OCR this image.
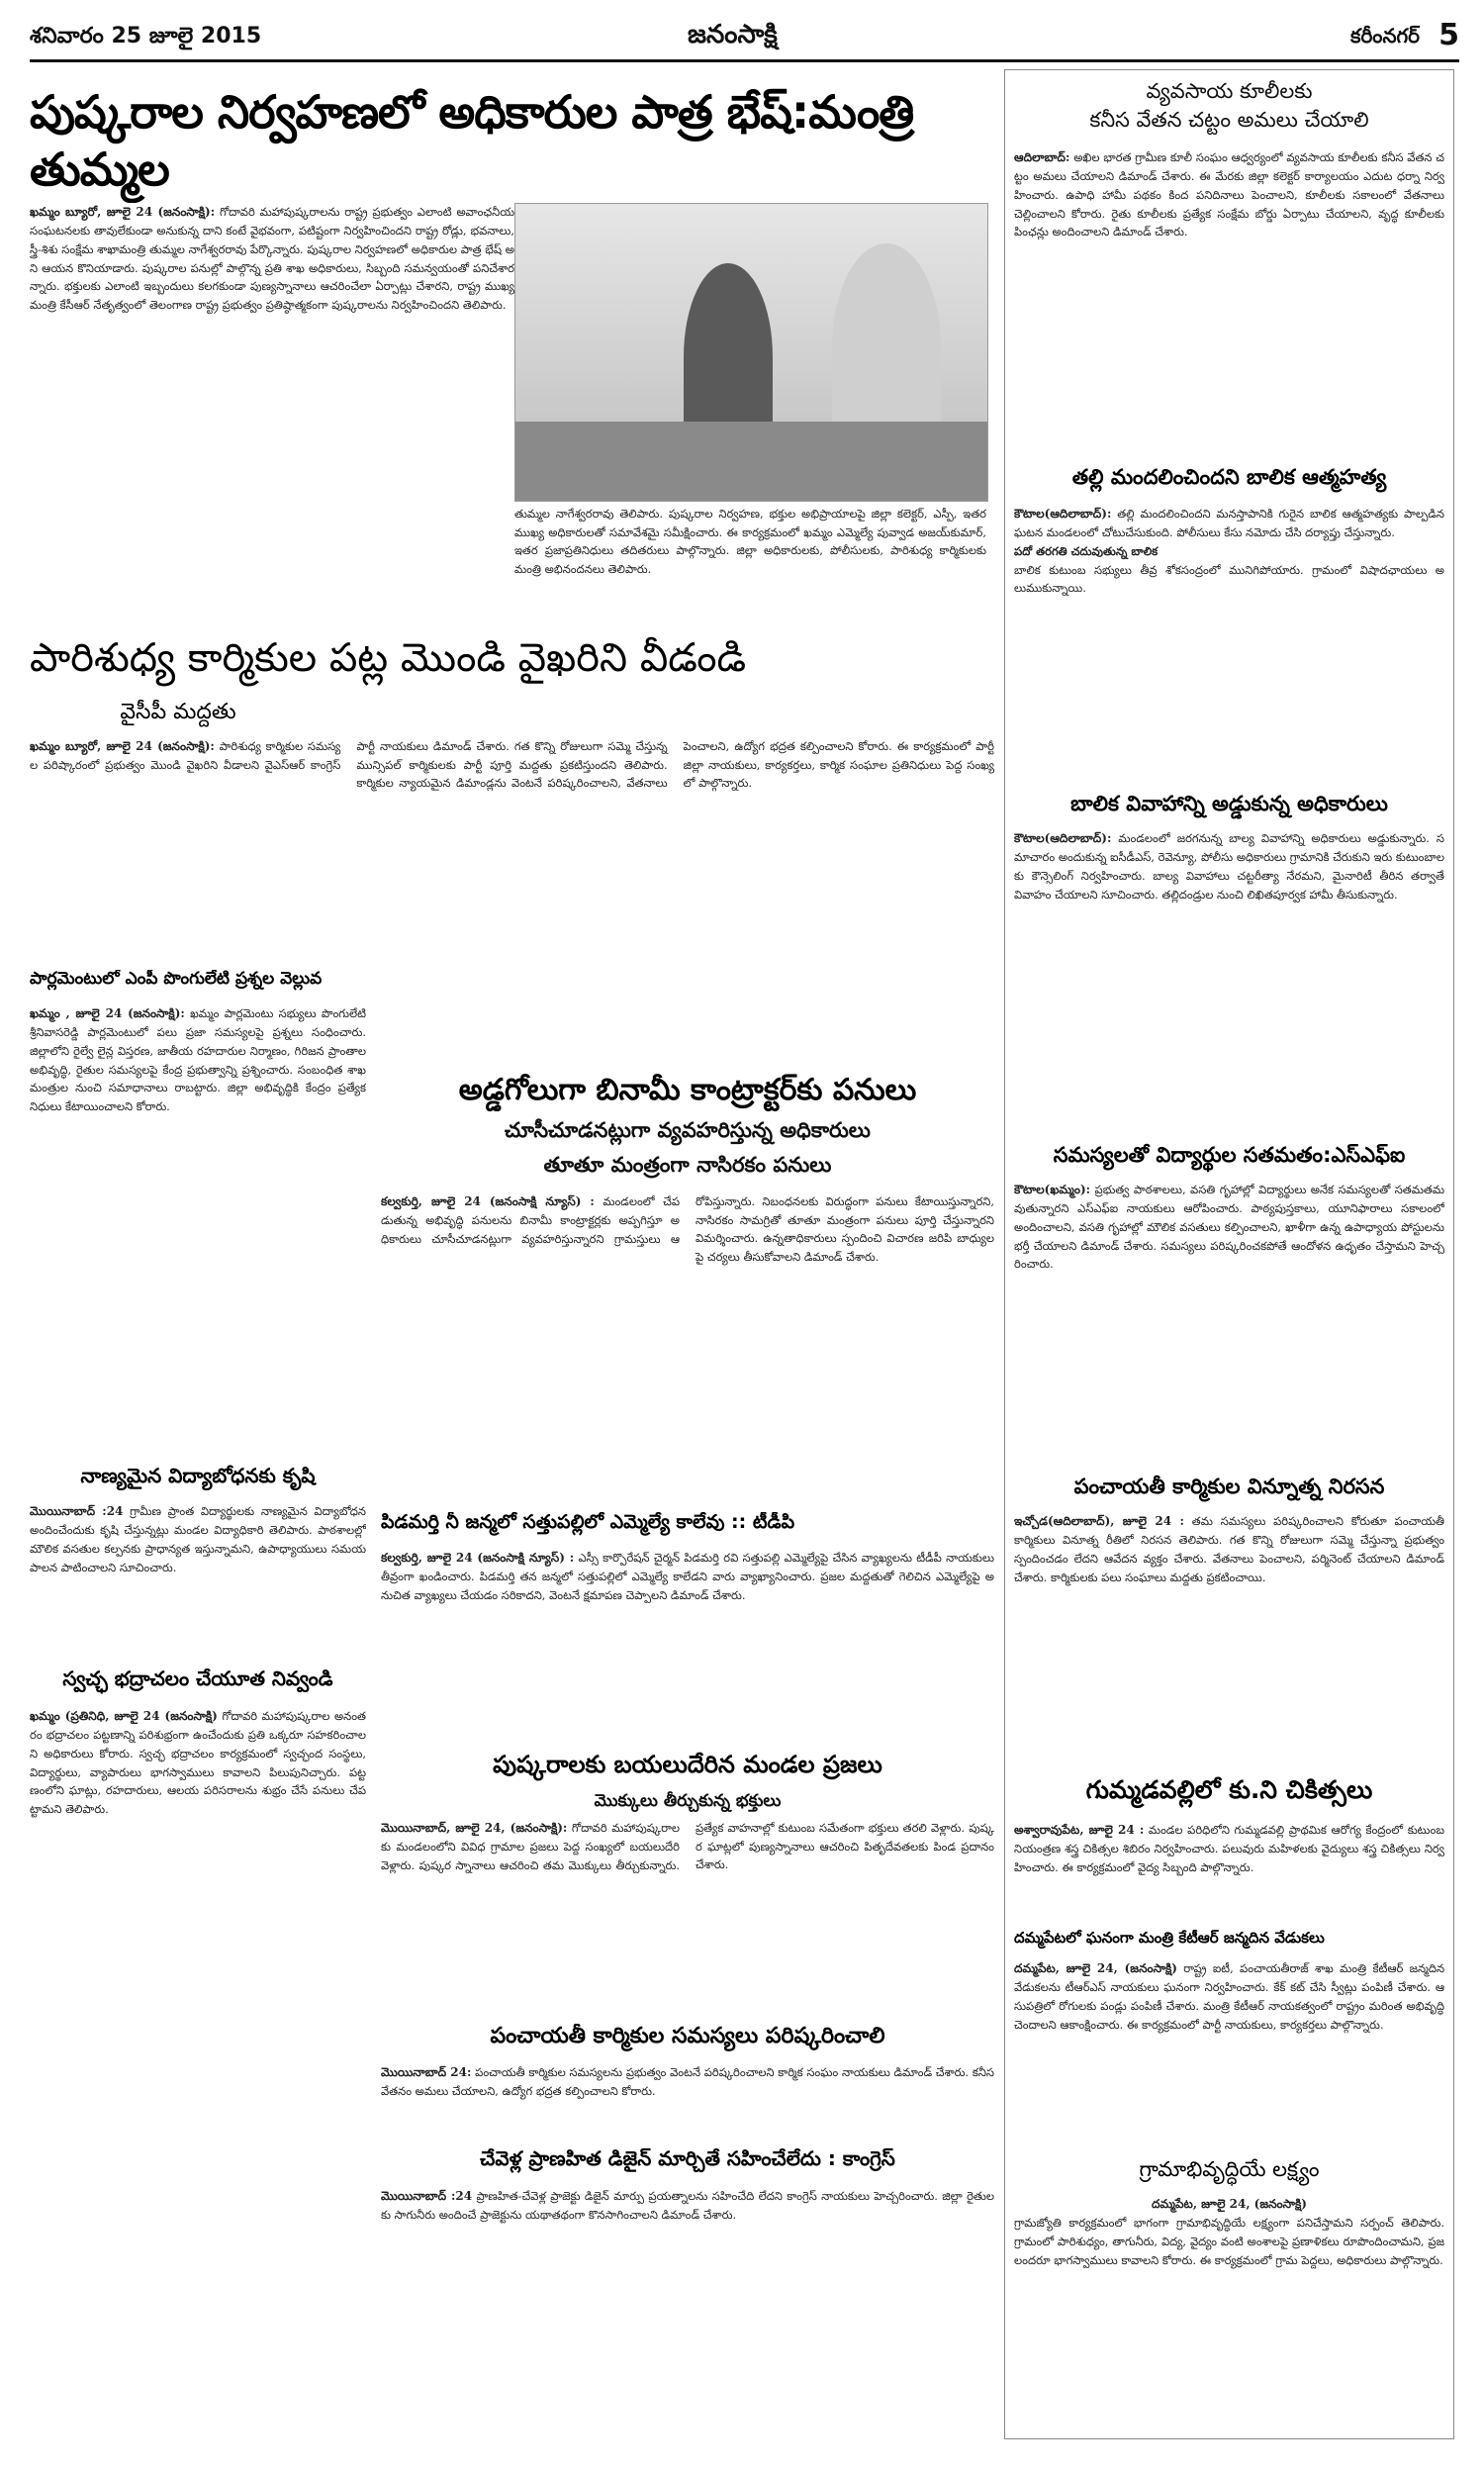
శనివారం 25 జూలై 2015	జనంసాక్షి	కరీంనగర్ 5
పుష్కరాల నిర్వహణలో అధికారుల పాత్ర భేష్‌:మంత్రి తుమ్మల
ఖమ్మం బ్యూరో, జూలై 24 (జనంసాక్షి): గోదావరి మహాపుష్కరాలను రాష్ట్ర ప్రభుత్వం ఎలాంటి అవాంఛనీయ సంఘటనలకు తావులేకుండా అనుకున్న దాని కంటే వైభవంగా, పటిష్టంగా నిర్వహించిందని రాష్ట్ర రోడ్లు, భవనాలు, స్త్రీ-శిశు సంక్షేమ శాఖామంత్రి తుమ్మల నాగేశ్వరరావు పేర్కొన్నారు. పుష్కరాల నిర్వహణలో అధికారుల పాత్ర భేష్‌ అని ఆయన కొనియాడారు. పుష్కరాల పనుల్లో పాల్గొన్న ప్రతి శాఖ అధికారులు, సిబ్బంది సమన్వయంతో పనిచేశారన్నారు. భక్తులకు ఎలాంటి ఇబ్బందులు కలగకుండా పుణ్యస్నానాలు ఆచరించేలా ఏర్పాట్లు చేశారని, రాష్ట్ర ముఖ్యమంత్రి కేసీఆర్‌ నేతృత్వంలో తెలంగాణ రాష్ట్ర ప్రభుత్వం ప్రతిష్ఠాత్మకంగా పుష్కరాలను నిర్వహించిందని తెలిపారు.
తుమ్మల నాగేశ్వరరావు తెలిపారు. పుష్కరాల నిర్వహణ, భక్తుల అభిప్రాయాలపై జిల్లా కలెక్టర్‌, ఎస్పీ, ఇతర ముఖ్య అధికారులతో సమావేశమై సమీక్షించారు. ఈ కార్యక్రమంలో ఖమ్మం ఎమ్మెల్యే పువ్వాడ అజయ్‌కుమార్‌, ఇతర ప్రజాప్రతినిధులు తదితరులు పాల్గొన్నారు. జిల్లా అధికారులకు, పోలీసులకు, పారిశుధ్య కార్మికులకు మంత్రి అభినందనలు తెలిపారు.
పారిశుధ్య కార్మికుల పట్ల మొండి వైఖరిని వీడండి
వైసీపీ మద్దతు
ఖమ్మం బ్యూరో, జూలై 24 (జనంసాక్షి): పారిశుధ్య కార్మికుల సమస్యల పరిష్కారంలో ప్రభుత్వం మొండి వైఖరిని వీడాలని వైఎస్‌ఆర్‌ కాంగ్రెస్‌ పార్టీ నాయకులు డిమాండ్‌ చేశారు. గత కొన్ని రోజులుగా సమ్మె చేస్తున్న మున్సిపల్‌ కార్మికులకు పార్టీ పూర్తి మద్దతు ప్రకటిస్తుందని తెలిపారు. కార్మికుల న్యాయమైన డిమాండ్లను వెంటనే పరిష్కరించాలని, వేతనాలు పెంచాలని, ఉద్యోగ భద్రత కల్పించాలని కోరారు. ఈ కార్యక్రమంలో పార్టీ జిల్లా నాయకులు, కార్యకర్తలు, కార్మిక సంఘాల ప్రతినిధులు పెద్ద సంఖ్యలో పాల్గొన్నారు.
పార్లమెంటులో ఎంపీ పొంగులేటి ప్రశ్నల వెల్లువ
ఖమ్మం , జూలై 24 (జనంసాక్షి): ఖమ్మం పార్లమెంటు సభ్యులు పొంగులేటి శ్రీనివాసరెడ్డి పార్లమెంటులో పలు ప్రజా సమస్యలపై ప్రశ్నలు సంధించారు. జిల్లాలోని రైల్వే లైన్ల విస్తరణ, జాతీయ రహదారుల నిర్మాణం, గిరిజన ప్రాంతాల అభివృద్ధి, రైతుల సమస్యలపై కేంద్ర ప్రభుత్వాన్ని ప్రశ్నించారు. సంబంధిత శాఖ మంత్రుల నుంచి సమాధానాలు రాబట్టారు. జిల్లా అభివృద్ధికి కేంద్రం ప్రత్యేక నిధులు కేటాయించాలని కోరారు.
నాణ్యమైన విద్యాబోధనకు కృషి
మొయినాబాద్‌ :24 గ్రామీణ ప్రాంత విద్యార్థులకు నాణ్యమైన విద్యాబోధన అందించేందుకు కృషి చేస్తున్నట్లు మండల విద్యాధికారి తెలిపారు. పాఠశాలల్లో మౌలిక వసతుల కల్పనకు ప్రాధాన్యత ఇస్తున్నామని, ఉపాధ్యాయులు సమయపాలన పాటించాలని సూచించారు.
స్వచ్ఛ భద్రాచలం చేయూత నివ్వండి
ఖమ్మం (ప్రతినిధి, జూలై 24 (జనంసాక్షి) గోదావరి మహాపుష్కరాల అనంతరం భద్రాచలం పట్టణాన్ని పరిశుభ్రంగా ఉంచేందుకు ప్రతి ఒక్కరూ సహకరించాలని అధికారులు కోరారు. స్వచ్ఛ భద్రాచలం కార్యక్రమంలో స్వచ్ఛంద సంస్థలు, విద్యార్థులు, వ్యాపారులు భాగస్వాములు కావాలని పిలుపునిచ్చారు. పట్టణంలోని ఘాట్లు, రహదారులు, ఆలయ పరిసరాలను శుభ్రం చేసే పనులు చేపట్టామని తెలిపారు.
అడ్డగోలుగా బినామీ కాంట్రాక్టర్‌కు పనులు
చూసీచూడనట్లుగా వ్యవహరిస్తున్న అధికారులు
తూతూ మంత్రంగా నాసిరకం పనులు
కల్వకుర్తి, జూలై 24 (జనంసాక్షి న్యూస్‌) : మండలంలో చేపడుతున్న అభివృద్ధి పనులను బినామీ కాంట్రాక్టర్లకు అప్పగిస్తూ అధికారులు చూసీచూడనట్లుగా వ్యవహరిస్తున్నారని గ్రామస్తులు ఆరోపిస్తున్నారు. నిబంధనలకు విరుద్ధంగా పనులు కేటాయిస్తున్నారని, నాసిరకం సామగ్రితో తూతూ మంత్రంగా పనులు పూర్తి చేస్తున్నారని విమర్శించారు. ఉన్నతాధికారులు స్పందించి విచారణ జరిపి బాధ్యులపై చర్యలు తీసుకోవాలని డిమాండ్‌ చేశారు.
పిడమర్తి నీ జన్మలో సత్తుపల్లిలో ఎమ్మెల్యే కాలేవు :: టీడీపి
కల్వకుర్తి, జూలై 24 (జనంసాక్షి న్యూస్‌) : ఎస్సీ కార్పొరేషన్‌ చైర్మన్‌ పిడమర్తి రవి సత్తుపల్లి ఎమ్మెల్యేపై చేసిన వ్యాఖ్యలను టీడీపీ నాయకులు తీవ్రంగా ఖండించారు. పిడమర్తి తన జన్మలో సత్తుపల్లిలో ఎమ్మెల్యే కాలేడని వారు వ్యాఖ్యానించారు. ప్రజల మద్దతుతో గెలిచిన ఎమ్మెల్యేపై అనుచిత వ్యాఖ్యలు చేయడం సరికాదని, వెంటనే క్షమాపణ చెప్పాలని డిమాండ్‌ చేశారు.
పుష్కరాలకు బయలుదేరిన మండల ప్రజలు
మొక్కులు తీర్చుకున్న భక్తులు
మొయినాబాద్‌, జూలై 24, (జనంసాక్షి): గోదావరి మహాపుష్కరాలకు మండలంలోని వివిధ గ్రామాల ప్రజలు పెద్ద సంఖ్యలో బయలుదేరి వెళ్లారు. పుష్కర స్నానాలు ఆచరించి తమ మొక్కులు తీర్చుకున్నారు. ప్రత్యేక వాహనాల్లో కుటుంబ సమేతంగా భక్తులు తరలి వెళ్లారు. పుష్కర ఘాట్లలో పుణ్యస్నానాలు ఆచరించి పితృదేవతలకు పిండ ప్రదానం చేశారు.
పంచాయతీ కార్మికుల సమస్యలు పరిష్కరించాలి
మొయినాబాద్‌ 24: పంచాయతీ కార్మికుల సమస్యలను ప్రభుత్వం వెంటనే పరిష్కరించాలని కార్మిక సంఘం నాయకులు డిమాండ్‌ చేశారు. కనీస వేతనం అమలు చేయాలని, ఉద్యోగ భద్రత కల్పించాలని కోరారు.
చేవెళ్ల ప్రాణహిత డిజైన్‌ మార్చితే సహించేలేదు : కాంగ్రెస్‌
మొయినాబాద్‌ :24 ప్రాణహిత-చేవెళ్ల ప్రాజెక్టు డిజైన్‌ మార్పు ప్రయత్నాలను సహించేది లేదని కాంగ్రెస్‌ నాయకులు హెచ్చరించారు. జిల్లా రైతులకు సాగునీరు అందించే ప్రాజెక్టును యథాతథంగా కొనసాగించాలని డిమాండ్‌ చేశారు.
వ్యవసాయ కూలీలకు
కనీస వేతన చట్టం అమలు చేయాలి
ఆదిలాబాద్‌: అఖిల భారత గ్రామీణ కూలీ సంఘం ఆధ్వర్యంలో వ్యవసాయ కూలీలకు కనీస వేతన చట్టం అమలు చేయాలని డిమాండ్‌ చేశారు. ఈ మేరకు జిల్లా కలెక్టర్‌ కార్యాలయం ఎదుట ధర్నా నిర్వహించారు. ఉపాధి హామీ పథకం కింద పనిదినాలు పెంచాలని, కూలీలకు సకాలంలో వేతనాలు చెల్లించాలని కోరారు. రైతు కూలీలకు ప్రత్యేక సంక్షేమ బోర్డు ఏర్పాటు చేయాలని, వృద్ధ కూలీలకు పింఛన్లు అందించాలని డిమాండ్‌ చేశారు.
తల్లి మందలించిందని బాలిక ఆత్మహత్య
కౌటాల(ఆదిలాబాద్‌): తల్లి మందలించిందని మనస్తాపానికి గురైన బాలిక ఆత్మహత్యకు పాల్పడిన ఘటన మండలంలో చోటుచేసుకుంది. పోలీసులు కేసు నమోదు చేసి దర్యాప్తు చేస్తున్నారు.
పదో తరగతి చదువుతున్న బాలిక
బాలిక కుటుంబ సభ్యులు తీవ్ర శోకసంద్రంలో మునిగిపోయారు. గ్రామంలో విషాదఛాయలు అలుముకున్నాయి.
బాలిక వివాహాన్ని అడ్డుకున్న అధికారులు
కౌటాల(ఆదిలాబాద్‌): మండలంలో జరగనున్న బాల్య వివాహాన్ని అధికారులు అడ్డుకున్నారు. సమాచారం అందుకున్న ఐసీడీఎస్‌, రెవెన్యూ, పోలీసు అధికారులు గ్రామానికి చేరుకుని ఇరు కుటుంబాలకు కౌన్సెలింగ్‌ నిర్వహించారు. బాల్య వివాహాలు చట్టరీత్యా నేరమని, మైనారిటీ తీరిన తర్వాతే వివాహం చేయాలని సూచించారు. తల్లిదండ్రుల నుంచి లిఖితపూర్వక హామీ తీసుకున్నారు.
సమస్యలతో విద్యార్థుల సతమతం:ఎస్‌ఎఫ్‌ఐ
కౌటాల(ఖమ్మం): ప్రభుత్వ పాఠశాలలు, వసతి గృహాల్లో విద్యార్థులు అనేక సమస్యలతో సతమతమవుతున్నారని ఎస్‌ఎఫ్‌ఐ నాయకులు ఆరోపించారు. పాఠ్యపుస్తకాలు, యూనిఫారాలు సకాలంలో అందించాలని, వసతి గృహాల్లో మౌలిక వసతులు కల్పించాలని, ఖాళీగా ఉన్న ఉపాధ్యాయ పోస్టులను భర్తీ చేయాలని డిమాండ్‌ చేశారు. సమస్యలు పరిష్కరించకపోతే ఆందోళన ఉధృతం చేస్తామని హెచ్చరించారు.
పంచాయతీ కార్మికుల విన్నూత్న నిరసన
ఇచ్చోడ(ఆదిలాబాద్‌), జూలై 24 : తమ సమస్యలు పరిష్కరించాలని కోరుతూ పంచాయతీ కార్మికులు వినూత్న రీతిలో నిరసన తెలిపారు. గత కొన్ని రోజులుగా సమ్మె చేస్తున్నా ప్రభుత్వం స్పందించడం లేదని ఆవేదన వ్యక్తం చేశారు. వేతనాలు పెంచాలని, పర్మినెంట్‌ చేయాలని డిమాండ్‌ చేశారు. కార్మికులకు పలు సంఘాలు మద్దతు ప్రకటించాయి.
గుమ్మడవల్లిలో కు.ని చికిత్సలు
అశ్వారావుపేట, జూలై 24 : మండల పరిధిలోని గుమ్మడవల్లి ప్రాథమిక ఆరోగ్య కేంద్రంలో కుటుంబ నియంత్రణ శస్త్ర చికిత్సల శిబిరం నిర్వహించారు. పలువురు మహిళలకు వైద్యులు శస్త్ర చికిత్సలు నిర్వహించారు. ఈ కార్యక్రమంలో వైద్య సిబ్బంది పాల్గొన్నారు.
దమ్మపేటలో ఘనంగా మంత్రి కేటీఆర్‌ జన్మదిన వేడుకలు
దమ్మపేట, జూలై 24, (జనంసాక్షి) రాష్ట్ర ఐటీ, పంచాయతీరాజ్‌ శాఖ మంత్రి కేటీఆర్‌ జన్మదిన వేడుకలను టీఆర్‌ఎస్‌ నాయకులు ఘనంగా నిర్వహించారు. కేక్‌ కట్‌ చేసి స్వీట్లు పంపిణీ చేశారు. ఆసుపత్రిలో రోగులకు పండ్లు పంపిణీ చేశారు. మంత్రి కేటీఆర్‌ నాయకత్వంలో రాష్ట్రం మరింత అభివృద్ధి చెందాలని ఆకాంక్షించారు. ఈ కార్యక్రమంలో పార్టీ నాయకులు, కార్యకర్తలు పాల్గొన్నారు.
గ్రామాభివృద్ధియే లక్ష్యం
దమ్మపేట, జూలై 24, (జనంసాక్షి)
గ్రామజ్యోతి కార్యక్రమంలో భాగంగా గ్రామాభివృద్ధియే లక్ష్యంగా పనిచేస్తామని సర్పంచ్‌ తెలిపారు. గ్రామంలో పారిశుధ్యం, తాగునీరు, విద్య, వైద్యం వంటి అంశాలపై ప్రణాళికలు రూపొందించామని, ప్రజలందరూ భాగస్వాములు కావాలని కోరారు. ఈ కార్యక్రమంలో గ్రామ పెద్దలు, అధికారులు పాల్గొన్నారు.
